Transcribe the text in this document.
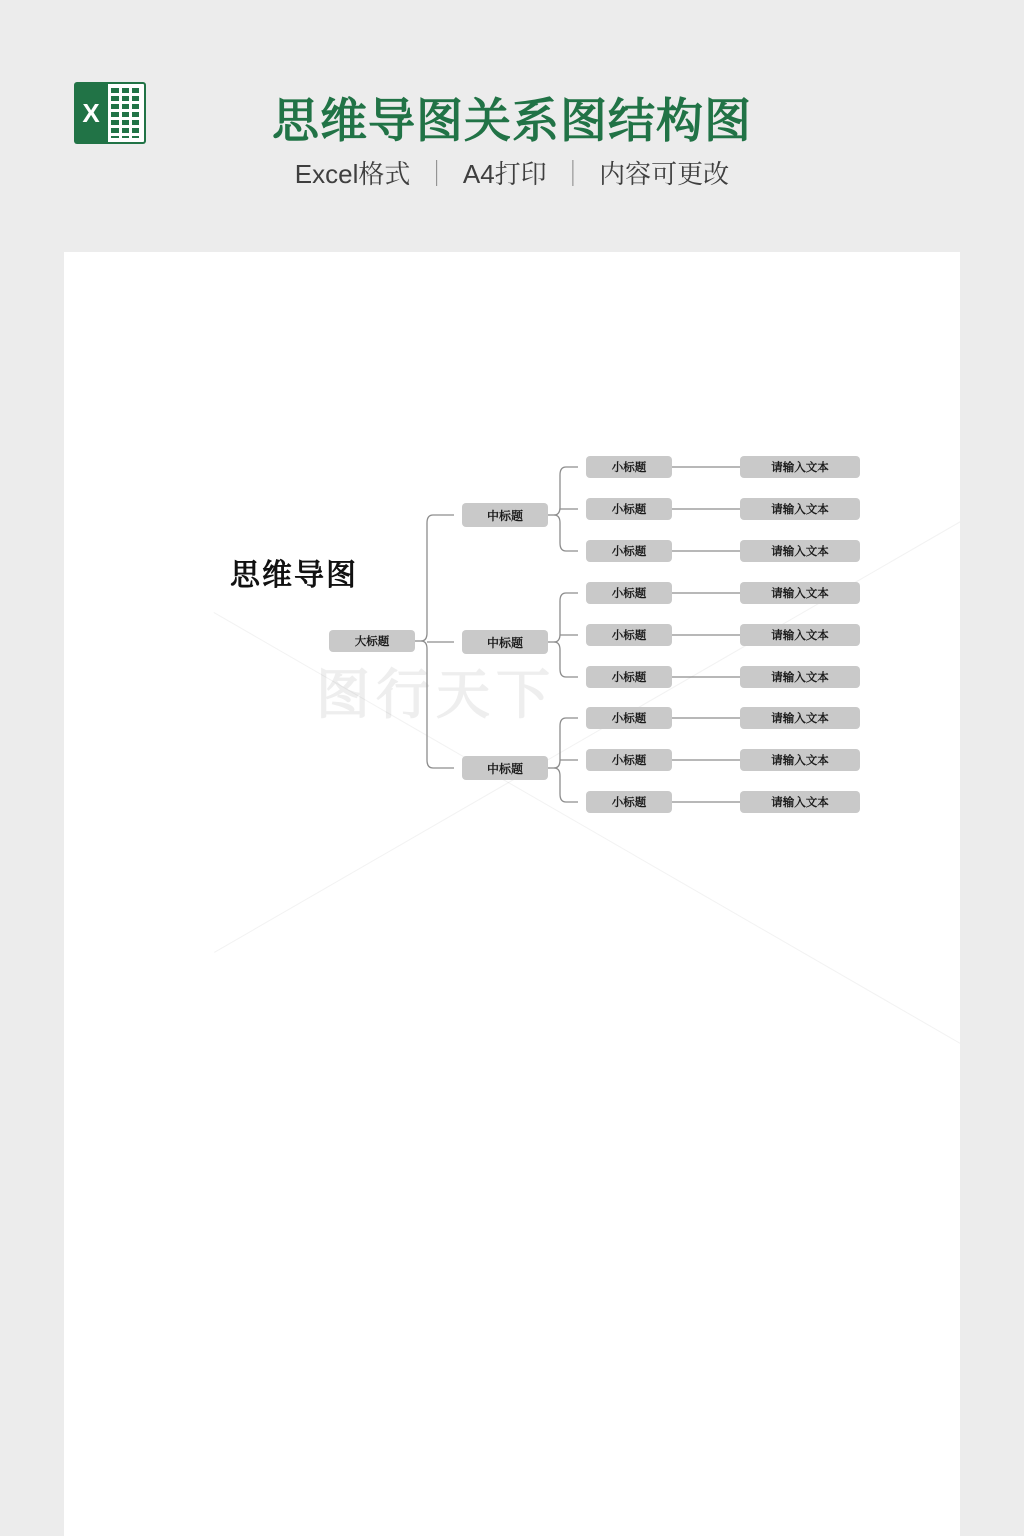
X	思维导图关系图结构图
Excel格式 ｜ A4打印 ｜ 内容可更改
图行天下
思维导图
大标题
中标题
中标题
中标题
小标题	请输入文本
小标题	请输入文本
小标题	请输入文本
小标题	请输入文本
小标题	请输入文本
小标题	请输入文本
小标题	请输入文本
小标题	请输入文本
小标题	请输入文本
